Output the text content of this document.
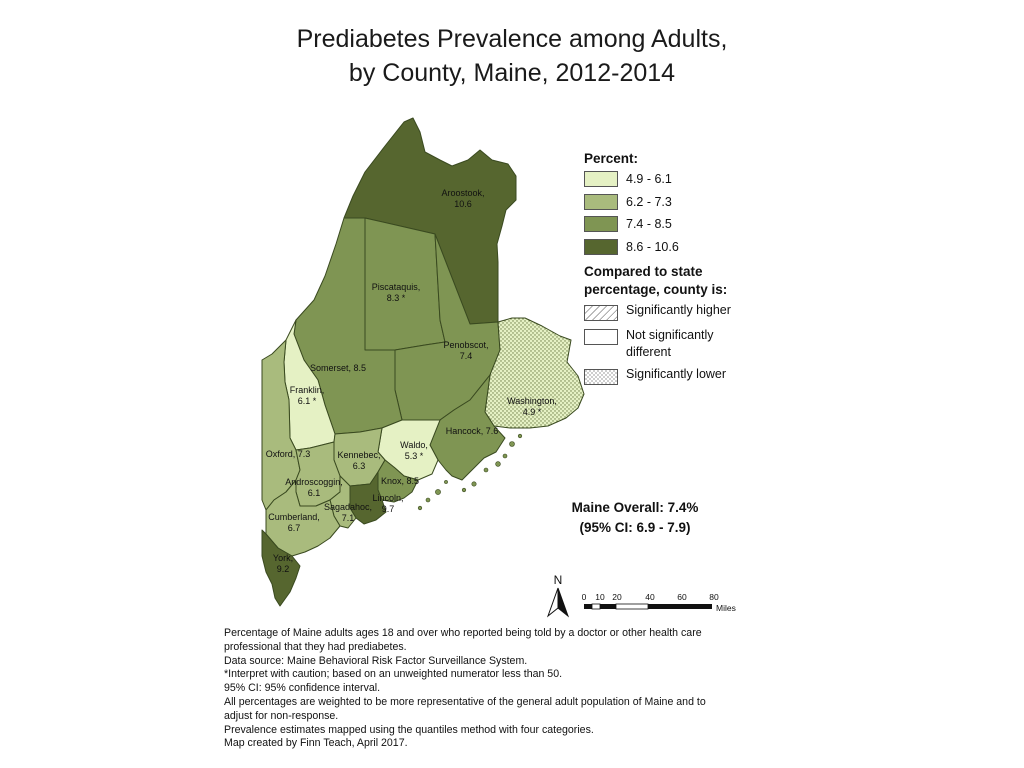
Prediabetes Prevalence among Adults,
by County, Maine, 2012-2014
Aroostook, 10.6
Piscataquis, 8.3 *
Penobscot, 7.4
Somerset, 8.5
Franklin, 6.1 *	Washington, 4.9 *
Hancock, 7.6
Waldo, 5.3 *
Oxford, 7.3	Kennebec, 6.3
Knox, 8.5
Androscoggin, 6.1	Lincoln, 9.7
Sagadahoc, 7.1
Cumberland, 6.7
York, 9.2
N
0 10 20	40	60	80
Miles
Percent:
4.9 - 6.1
6.2 - 7.3
7.4 - 8.5
8.6 - 10.6
Compared to state
percentage, county is:
Significantly higher
Not significantly
different
Significantly lower
Maine Overall: 7.4%
(95% CI: 6.9 - 7.9)
Percentage of Maine adults ages 18 and over who reported being told by a doctor or other health care
professional that they had prediabetes.
Data source: Maine Behavioral Risk Factor Surveillance System.
*Interpret with caution; based on an unweighted numerator less than 50.
95% CI: 95% confidence interval.
All percentages are weighted to be more representative of the general adult population of Maine and to
adjust for non-response.
Prevalence estimates mapped using the quantiles method with four categories.
Map created by Finn Teach, April 2017.
